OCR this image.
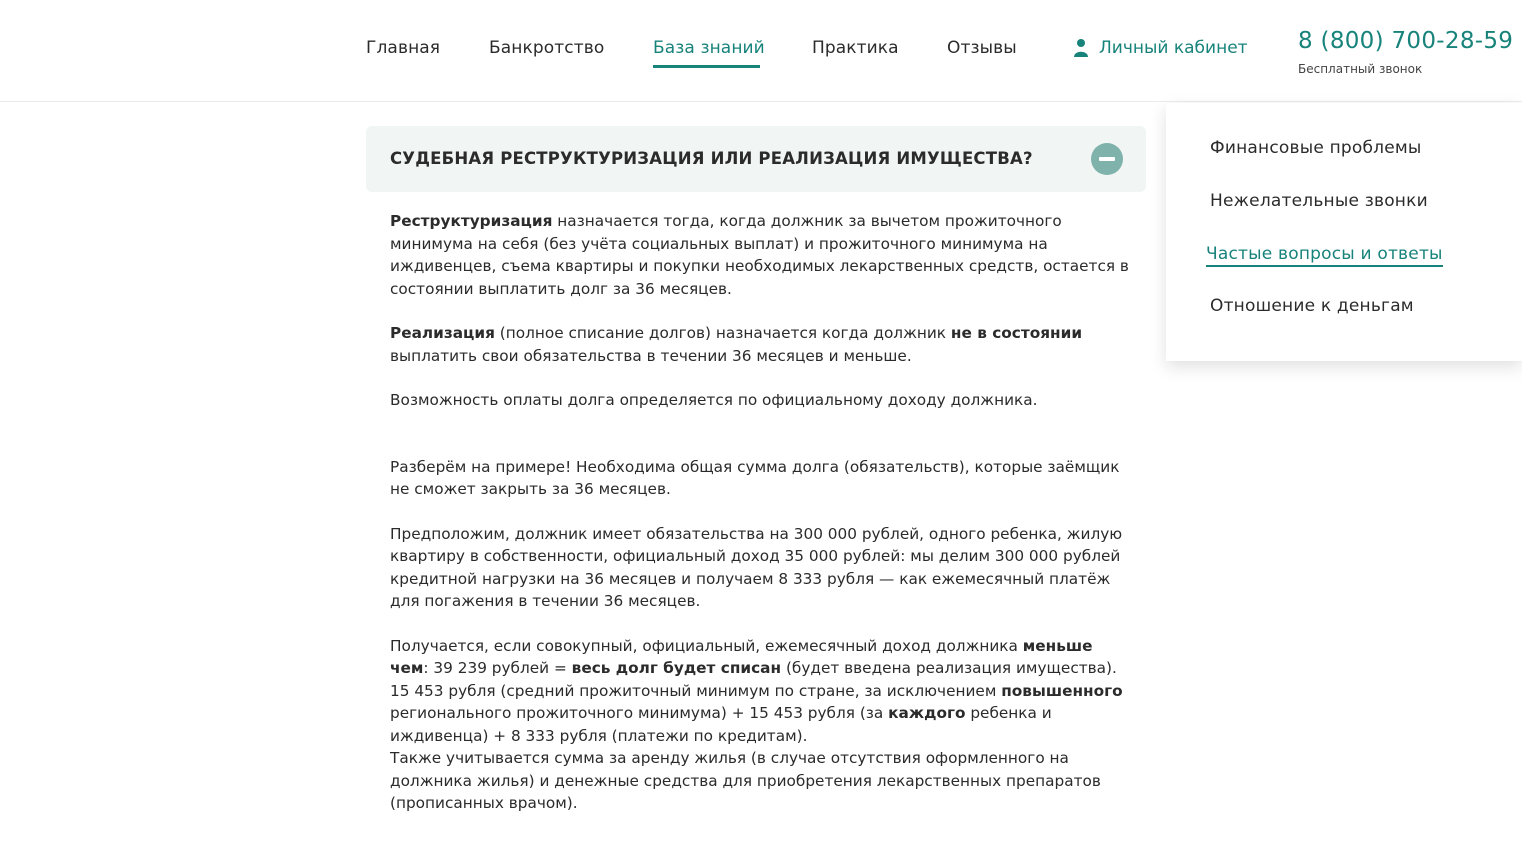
Главная	Банкротство	База знаний	Практика	Отзывы	Личный кабинет 8 (800) 700-28-59
Бесплатный звонок
СУДЕБНАЯ РЕСТРУКТУРИЗАЦИЯ ИЛИ РЕАЛИЗАЦИЯ ИМУЩЕСТВА?

Реструктуризация назначается тогда, когда должник за вычетом прожиточного минимума на себя (без учёта социальных выплат) и прожиточного минимума на иждивенцев, съема квартиры и покупки необходимых лекарственных средств, остается в состоянии выплатить долг за 36 месяцев.

Реализация (полное списание долгов) назначается когда должник не в состоянии выплатить свои обязательства в течении 36 месяцев и меньше.

Возможность оплаты долга определяется по официальному доходу должника.

Разберём на примере! Необходима общая сумма долга (обязательств), которые заёмщик не сможет закрыть за 36 месяцев.

Предположим, должник имеет обязательства на 300 000 рублей, одного ребенка, жилую квартиру в собственности, официальный доход 35 000 рублей: мы делим 300 000 рублей кредитной нагрузки на 36 месяцев и получаем 8 333 рубля — как ежемесячный платёж для погажения в течении 36 месяцев.

Получается, если совокупный, официальный, ежемесячный доход должника меньше чем: 39 239 рублей = весь долг будет списан (будет введена реализация имущества).

15 453 рубля (средний прожиточный минимум по стране, за исключением повышенного регионального прожиточного минимума) + 15 453 рубля (за каждого ребенка и иждивенца) + 8 333 рубля (платежи по кредитам).

Также учитывается сумма за аренду жилья (в случае отсутствия оформленного на должника жилья) и денежные средства для приобретения лекарственных препаратов (прописанных врачом).

Финансовые проблемы
Нежелательные звонки
Частые вопросы и ответы
Отношение к деньгам
